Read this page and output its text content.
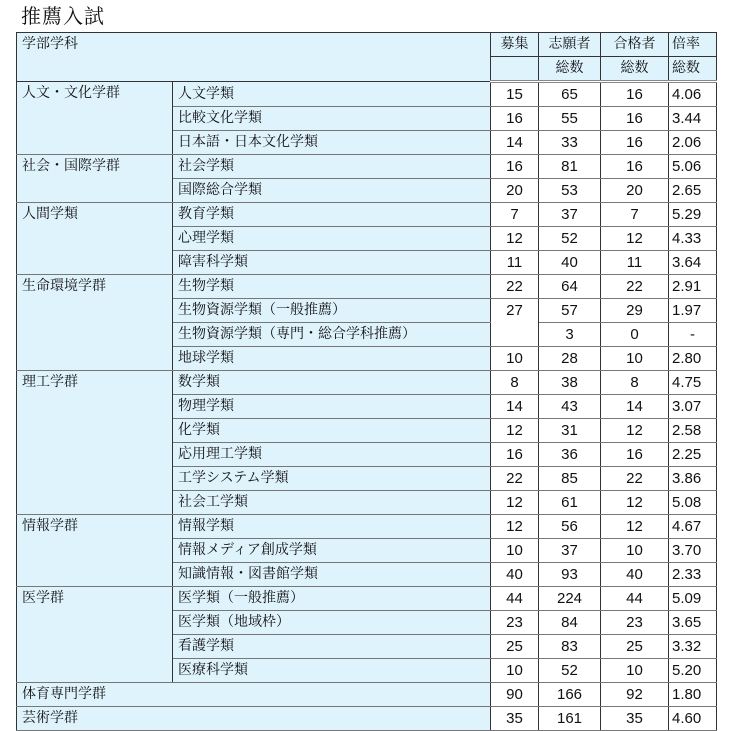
推薦入試
学部学科		募集	志願者	合格者	倍率
			総数	総数	総数
人文・文化学群	人文学類	15	65	16	4.06
	比較文化学類	16	55	16	3.44
	日本語・日本文化学類	14	33	16	2.06
社会・国際学群	社会学類	16	81	16	5.06
	国際総合学類	20	53	20	2.65
人間学類	教育学類	7	37	7	5.29
	心理学類	12	52	12	4.33
	障害科学類	11	40	11	3.64
生命環境学群	生物学類	22	64	22	2.91
	生物資源学類（一般推薦）	27	57	29	1.97
	生物資源学類（専門・総合学科推薦）		3	0	-
	地球学類	10	28	10	2.80
理工学群	数学類	8	38	8	4.75
	物理学類	14	43	14	3.07
	化学類	12	31	12	2.58
	応用理工学類	16	36	16	2.25
	工学システム学類	22	85	22	3.86
	社会工学類	12	61	12	5.08
情報学群	情報学類	12	56	12	4.67
	情報メディア創成学類	10	37	10	3.70
	知識情報・図書館学類	40	93	40	2.33
医学群	医学類（一般推薦）	44	224	44	5.09
	医学類（地域枠）	23	84	23	3.65
	看護学類	25	83	25	3.32
	医療科学類	10	52	10	5.20
体育専門学群		90	166	92	1.80
芸術学群		35	161	35	4.60
